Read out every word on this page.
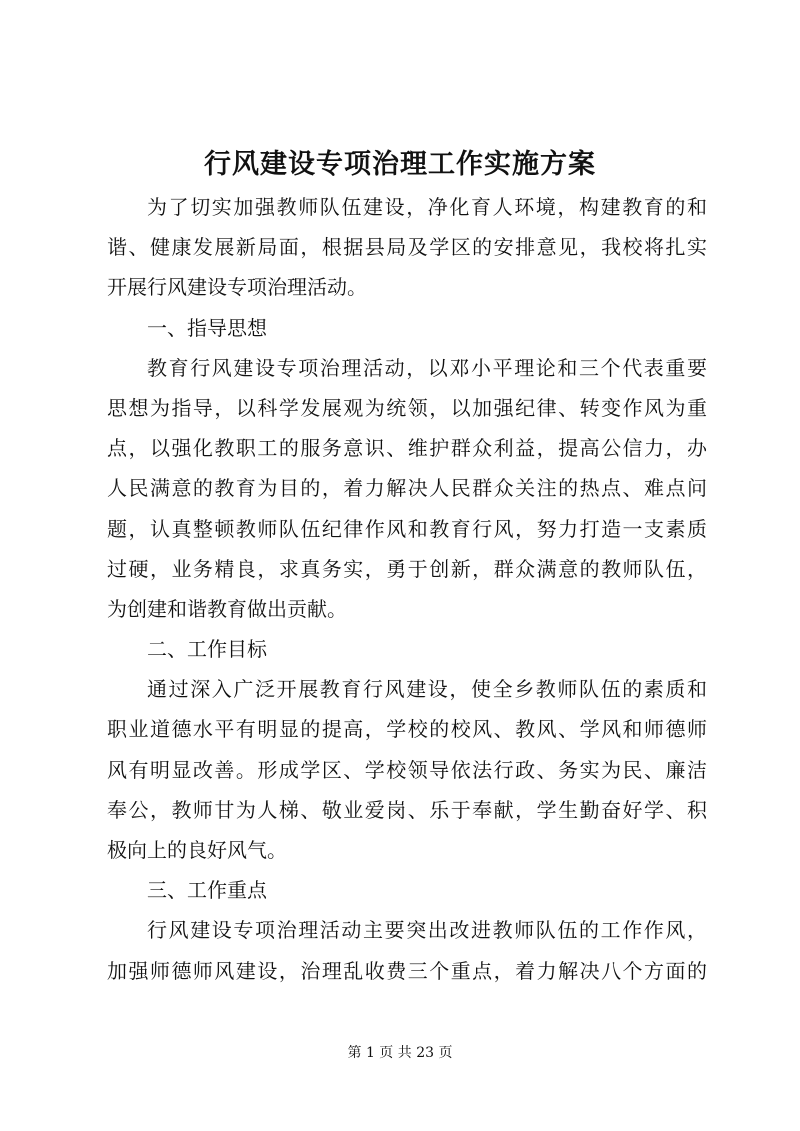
行风建设专项治理工作实施方案
为了切实加强教师队伍建设，净化育人环境，构建教育的和
谐、健康发展新局面，根据县局及学区的安排意见，我校将扎实
开展行风建设专项治理活动。
一、指导思想
教育行风建设专项治理活动，以邓小平理论和三个代表重要
思想为指导，以科学发展观为统领，以加强纪律、转变作风为重
点，以强化教职工的服务意识、维护群众利益，提高公信力，办
人民满意的教育为目的，着力解决人民群众关注的热点、难点问
题，认真整顿教师队伍纪律作风和教育行风，努力打造一支素质
过硬，业务精良，求真务实，勇于创新，群众满意的教师队伍，
为创建和谐教育做出贡献。
二、工作目标
通过深入广泛开展教育行风建设，使全乡教师队伍的素质和
职业道德水平有明显的提高，学校的校风、教风、学风和师德师
风有明显改善。形成学区、学校领导依法行政、务实为民、廉洁
奉公，教师甘为人梯、敬业爱岗、乐于奉献，学生勤奋好学、积
极向上的良好风气。
三、工作重点
行风建设专项治理活动主要突出改进教师队伍的工作作风，
加强师德师风建设，治理乱收费三个重点，着力解决八个方面的
第 1 页 共 23 页
